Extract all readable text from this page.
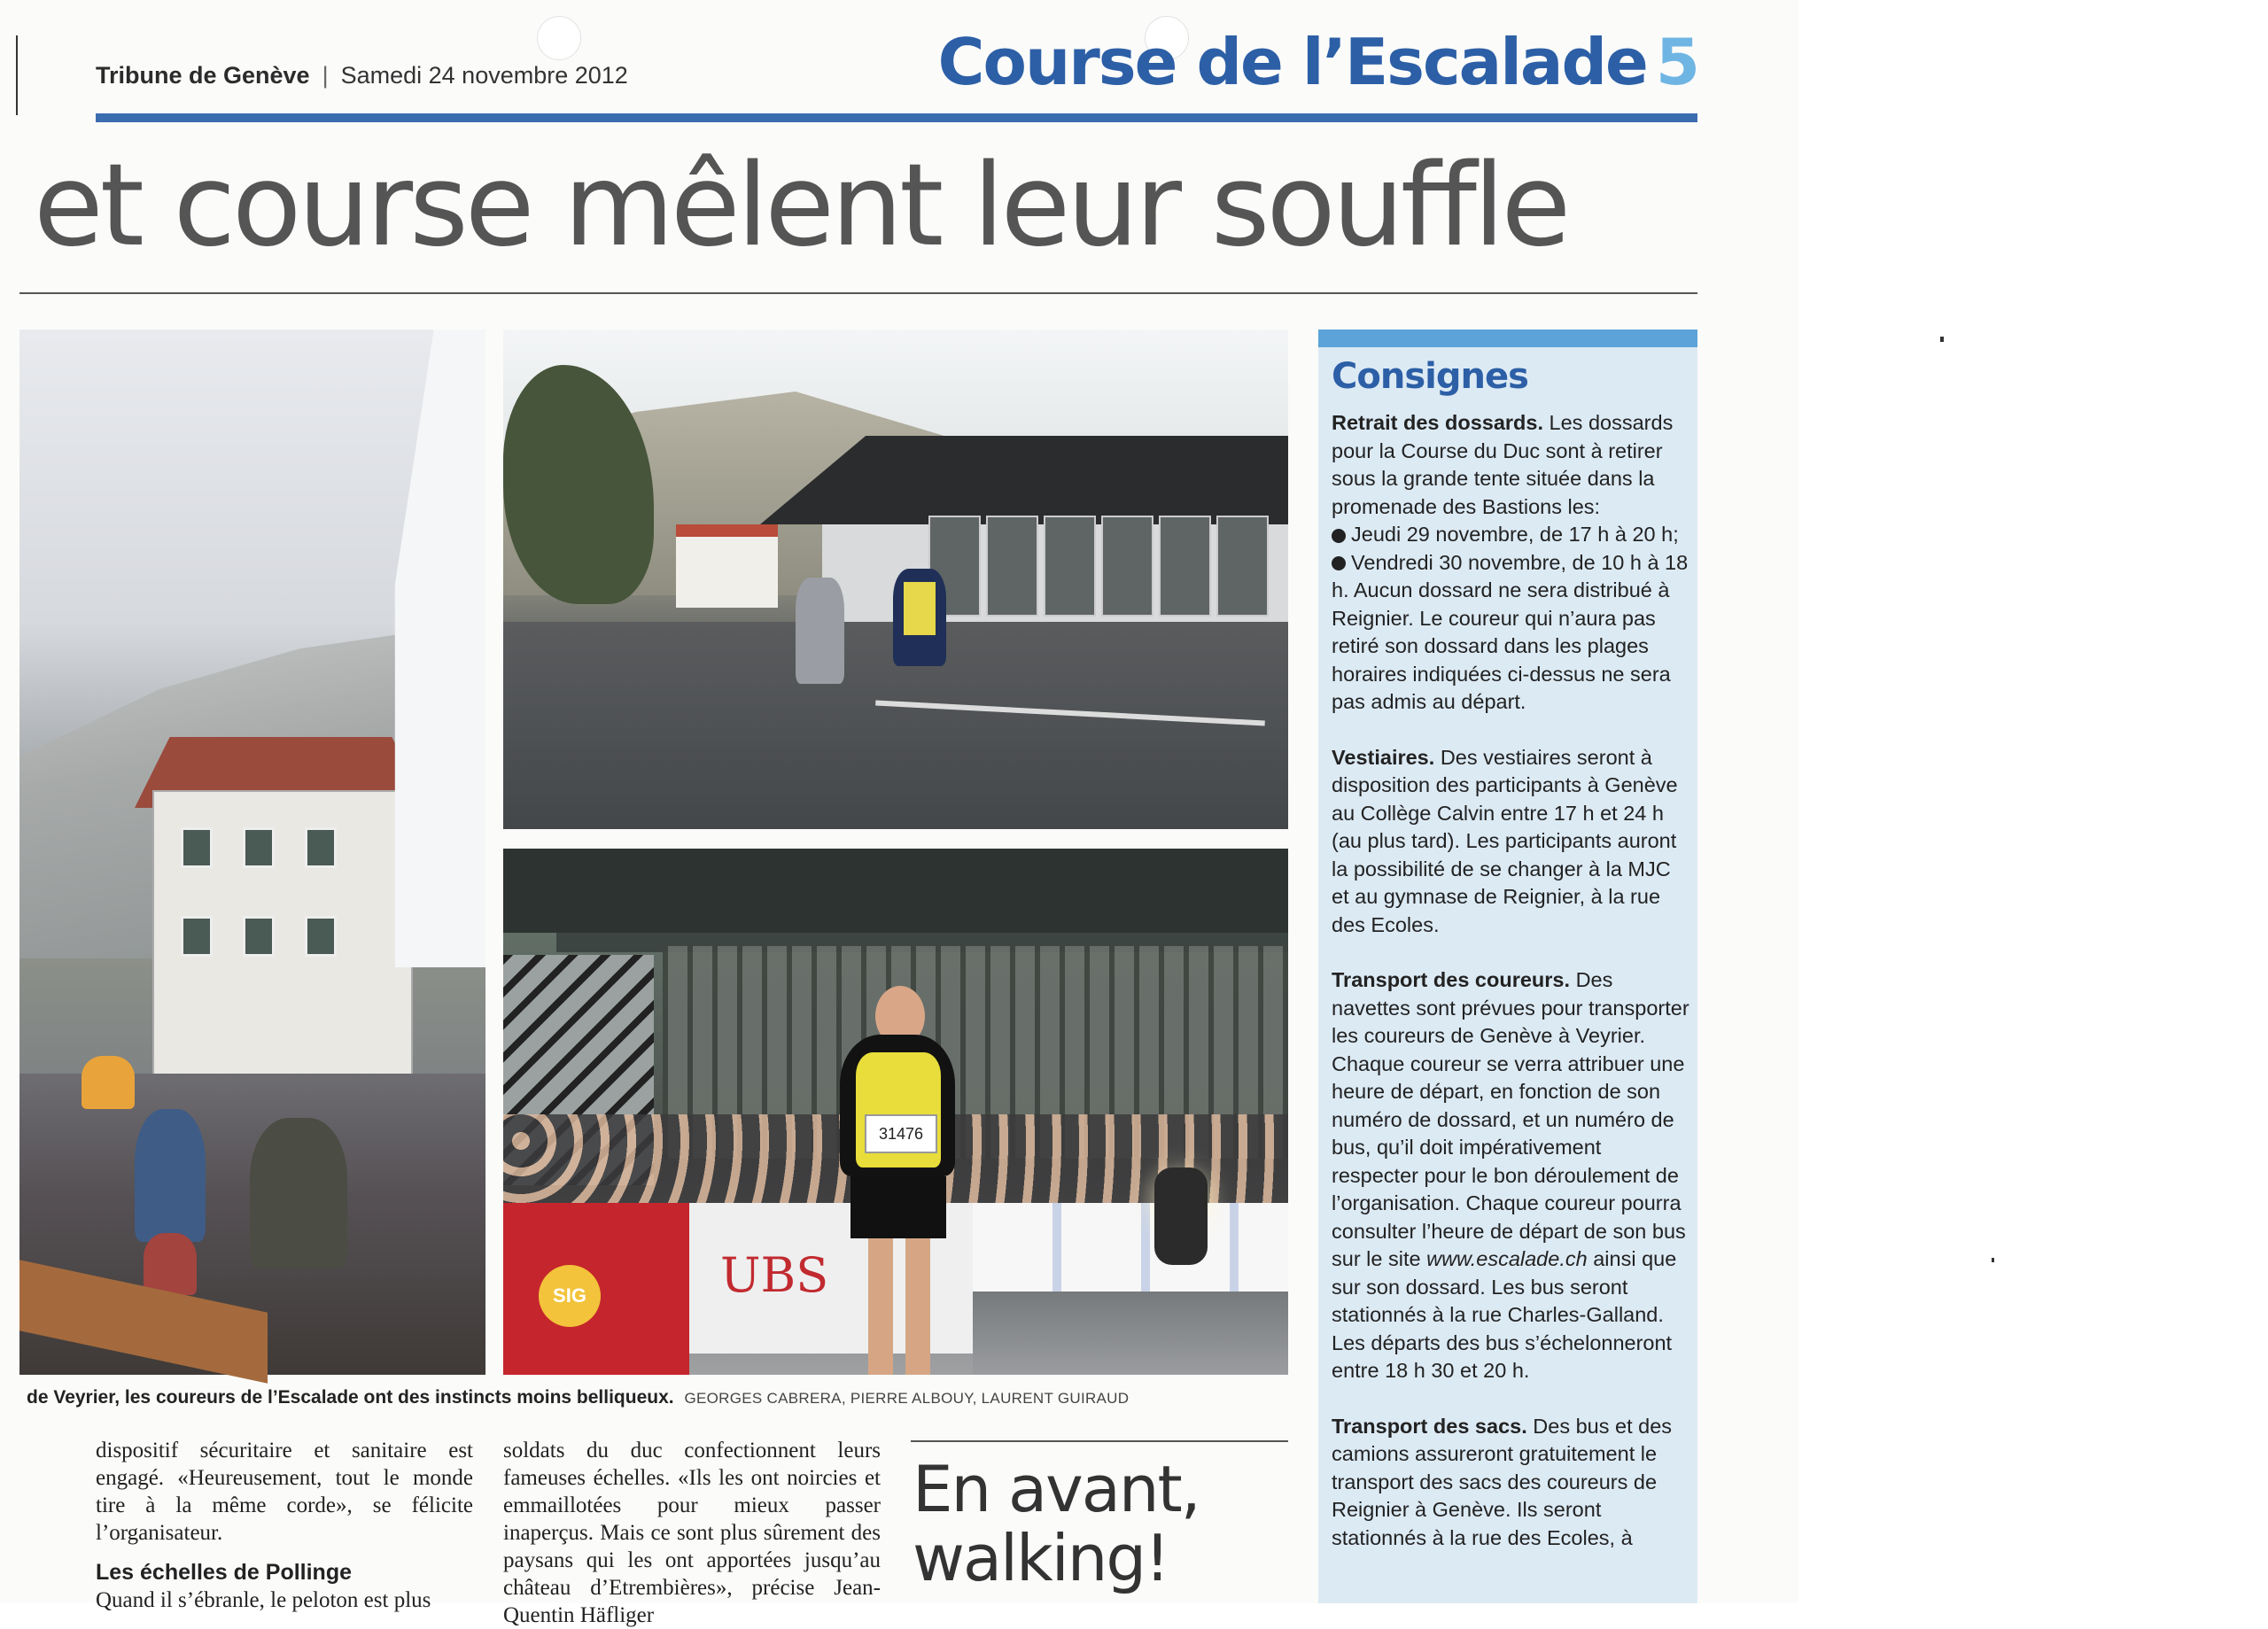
Tribune de Genève | Samedi 24 novembre 2012	Course de l’Escalade 5
et course mêlent leur souffle
SIG	UBS
31476
de Veyrier, les coureurs de l’Escalade ont des instincts moins belliqueux. GEORGES CABRERA, PIERRE ALBOUY, LAURENT GUIRAUD
dispositif sécuritaire et sanitaire est engagé. «Heureusement, tout le monde tire à la même corde», se félicite l’organisateur.
Les échelles de Pollinge
Quand il s’ébranle, le peloton est plus
soldats du duc confectionnent leurs fameuses échelles. «Ils les ont noircies et emmaillotées pour mieux passer inaperçus. Mais ce sont plus sûrement des paysans qui les ont apportées jusqu’au château d’Etrembières», précise Jean-Quentin Häfliger
En avant,
walking!
Consignes

Retrait des dossards. Les dossards pour la Course du Duc sont à retirer sous la grande tente située dans la promenade des Bastions les:
Jeudi 29 novembre, de 17 h à 20 h;
Vendredi 30 novembre, de 10 h à 18 h. Aucun dossard ne sera distribué à Reignier. Le coureur qui n’aura pas retiré son dossard dans les plages horaires indiquées ci-dessus ne sera pas admis au départ.

Vestiaires. Des vestiaires seront à disposition des participants à Genève au Collège Calvin entre 17 h et 24 h (au plus tard). Les participants auront la possibilité de se changer à la MJC et au gymnase de Reignier, à la rue des Ecoles.

Transport des coureurs. Des navettes sont prévues pour transporter les coureurs de Genève à Veyrier. Chaque coureur se verra attribuer une heure de départ, en fonction de son numéro de dossard, et un numéro de bus, qu’il doit impérativement respecter pour le bon déroulement de l’organisation. Chaque coureur pourra consulter l’heure de départ de son bus sur le site www.escalade.ch ainsi que sur son dossard. Les bus seront stationnés à la rue Charles-Galland. Les départs des bus s’échelonneront entre 18 h 30 et 20 h.

Transport des sacs. Des bus et des camions assureront gratuitement le transport des sacs des coureurs de Reignier à Genève. Ils seront stationnés à la rue des Ecoles, à
